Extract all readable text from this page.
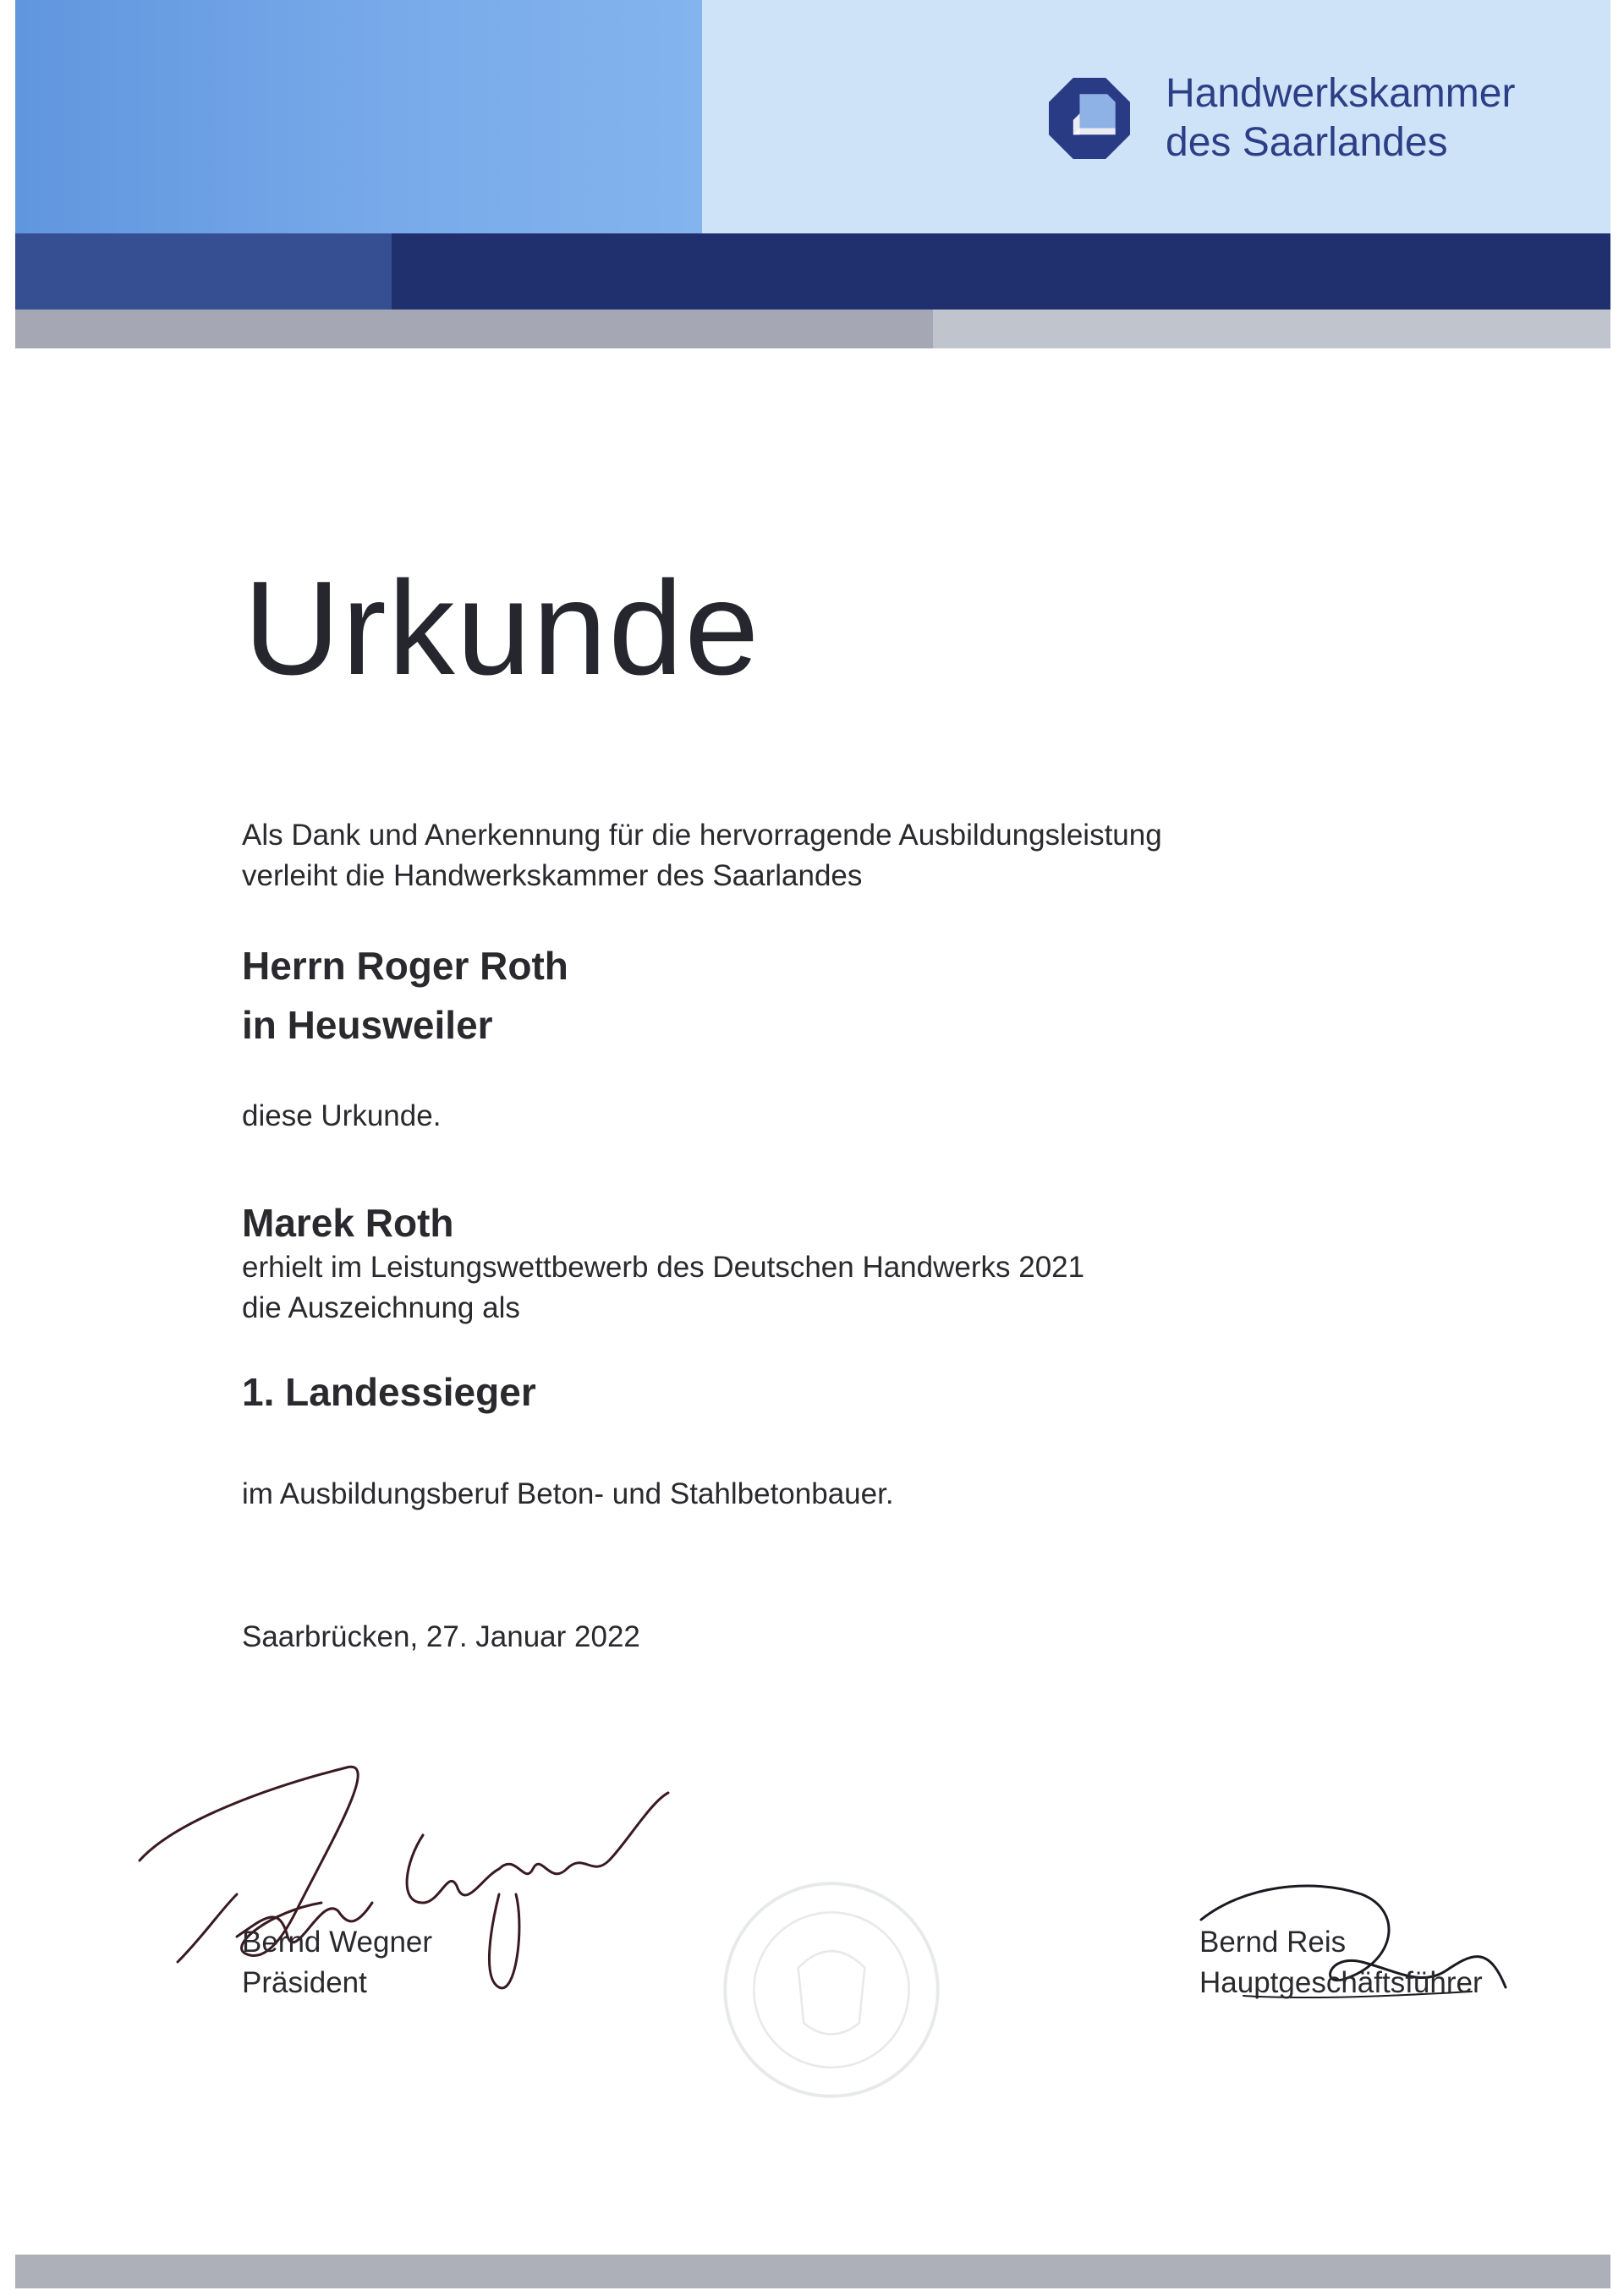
Handwerkskammer
des Saarlandes
Urkunde
Als Dank und Anerkennung für die hervorragende Ausbildungsleistung
verleiht die Handwerkskammer des Saarlandes
Herrn Roger Roth
in Heusweiler
diese Urkunde.
Marek Roth
erhielt im Leistungswettbewerb des Deutschen Handwerks 2021
die Auszeichnung als
1. Landessieger
im Ausbildungsberuf Beton- und Stahlbetonbauer.
Saarbrücken, 27. Januar 2022
Bernd Wegner
Präsident
Bernd Reis
Hauptgeschäftsführer
